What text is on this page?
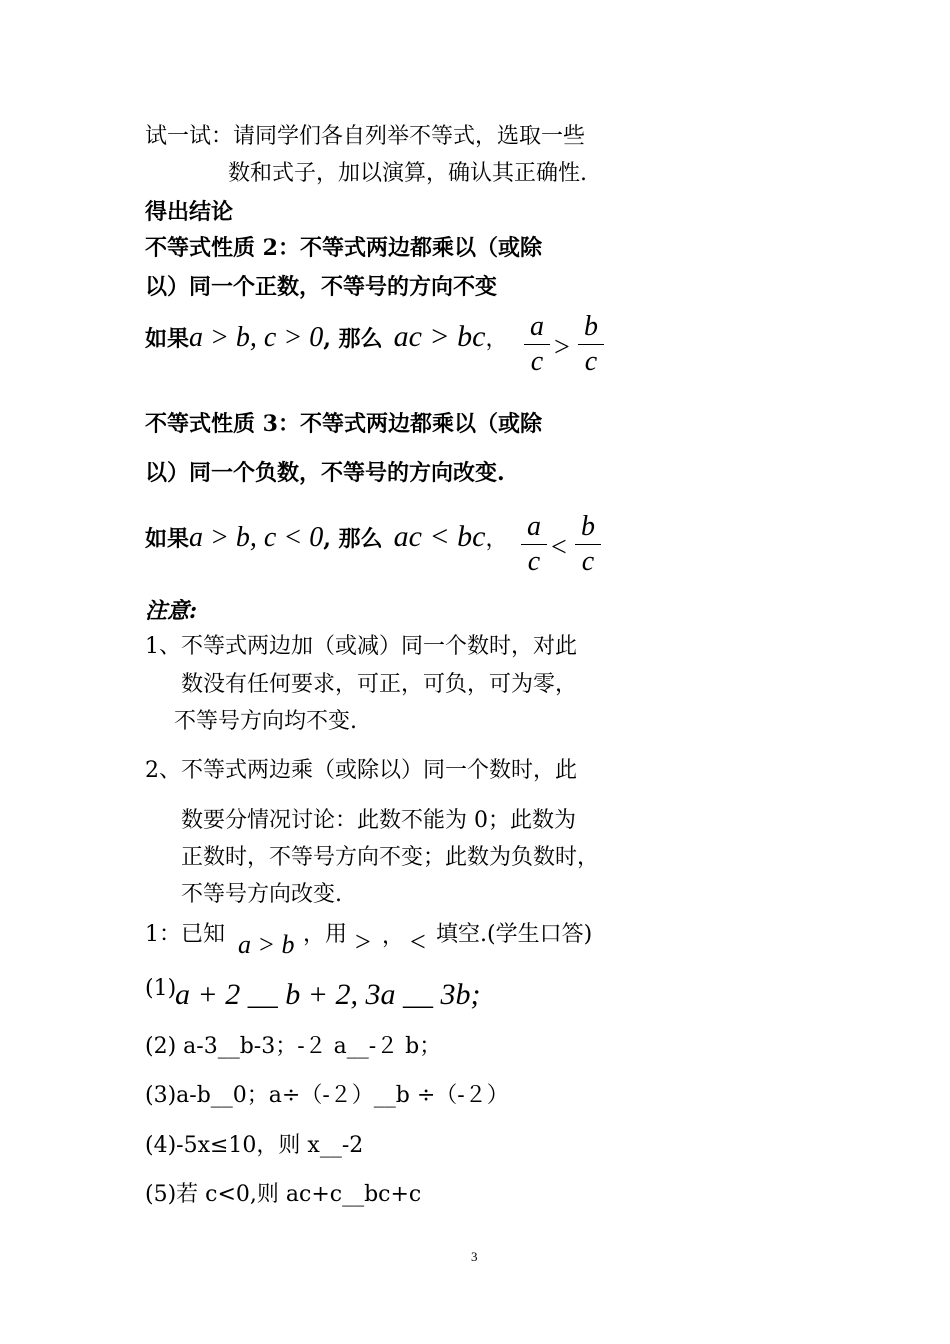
试一试：请同学们各自列举不等式，选取一些
数和式子，加以演算，确认其正确性.
得出结论
不等式性质 2：不等式两边都乘以（或除
以）同一个正数，不等号的方向不变
如果a > b, c > 0, 那么 ac > bc， a
c >
b
c
不等式性质 3：不等式两边都乘以（或除
以）同一个负数，不等号的方向改变.
如果a > b, c < 0, 那么 ac < bc， a
c <
b
c
注意:
1、不等式两边加（或减）同一个数时，对此
数没有任何要求，可正，可负，可为零，
不等号方向均不变.
2、不等式两边乘（或除以）同一个数时，此
数要分情况讨论：此数不能为 0；此数为
正数时，不等号方向不变；此数为负数时，
不等号方向改变.
1：已知 a > b ，用 > ， < 填空.(学生口答)
(1)
a + 2 __ b + 2, 3a __ 3b;
(2) a-3__b-3；-２ a__-２ b；
(3)a-b__0；a÷（-２）__b ÷（-２）
(4)-5x≤10，则 x__-2
(5)若 c<0,则 ac+c__bc+c
3
